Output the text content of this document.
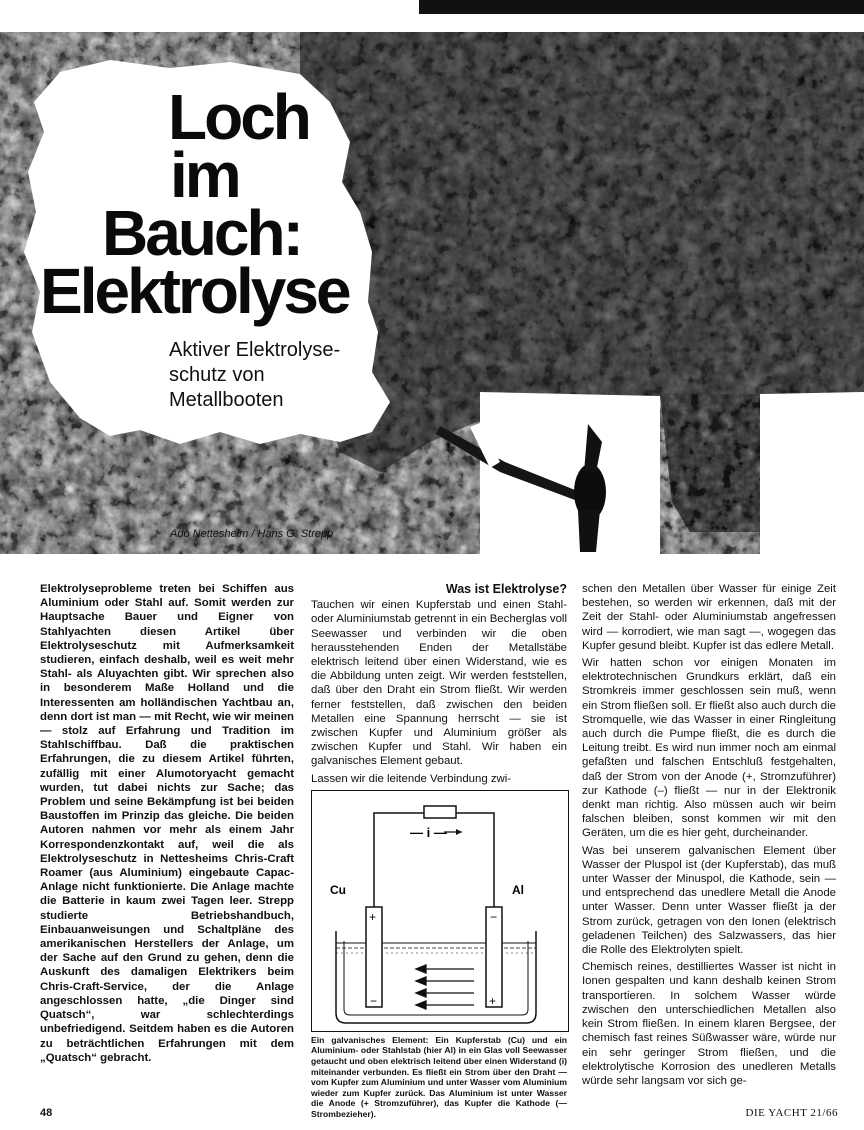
Loch
im
Bauch:
Elektrolyse
Aktiver Elektrolyse-
schutz von
Metallbooten
Ado Nettesheim / Hans G. Strepp

Elektrolyseprobleme treten bei Schiffen aus Aluminium oder Stahl auf. Somit werden zur Hauptsache Bauer und Eigner von Stahlyachten diesen Artikel über Elektrolyseschutz mit Aufmerksamkeit studieren, einfach deshalb, weil es weit mehr Stahl- als Aluyachten gibt. Wir sprechen also in besonderem Maße Holland und die Interessenten am holländischen Yachtbau an, denn dort ist man — mit Recht, wie wir meinen — stolz auf Erfahrung und Tradition im Stahlschiffbau. Daß die praktischen Erfahrungen, die zu diesem Artikel führten, zufällig mit einer Alumotoryacht gemacht wurden, tut dabei nichts zur Sache; das Problem und seine Bekämpfung ist bei beiden Baustoffen im Prinzip das gleiche. Die beiden Autoren nahmen vor mehr als einem Jahr Korrespondenzkontakt auf, weil die als Elektrolyseschutz in Nettesheims Chris-Craft Roamer (aus Aluminium) eingebaute Capac-Anlage nicht funktionierte. Die Anlage machte die Batterie in kaum zwei Tagen leer. Strepp studierte Betriebshandbuch, Einbauanweisungen und Schaltpläne des amerikanischen Herstellers der Anlage, um der Sache auf den Grund zu gehen, denn die Auskunft des damaligen Elektrikers beim Chris-Craft-Service, der die Anlage angeschlossen hatte, „die Dinger sind Quatsch“, war schlechterdings unbefriedigend. Seitdem haben es die Autoren zu beträchtlichen Erfahrungen mit dem „Quatsch“ gebracht.

Was ist Elektrolyse?

Tauchen wir einen Kupferstab und einen Stahl- oder Aluminiumstab getrennt in ein Becherglas voll Seewasser und verbinden wir die oben herausstehenden Enden der Metallstäbe elektrisch leitend über einen Widerstand, wie es die Abbildung unten zeigt. Wir werden feststellen, daß über den Draht ein Strom fließt. Wir werden ferner feststellen, daß zwischen den beiden Metallen eine Spannung herrscht — sie ist zwischen Kupfer und Aluminium größer als zwischen Kupfer und Stahl. Wir haben ein galvanisches Element gebaut.

Lassen wir die leitende Verbindung zwi-

— i —
Cu	Al
+	−
−	+
Ein galvanisches Element: Ein Kupferstab (Cu) und ein Aluminium- oder Stahlstab (hier Al) in ein Glas voll Seewasser getaucht und oben elektrisch leitend über einen Widerstand (i) miteinander verbunden. Es fließt ein Strom über den Draht — vom Kupfer zum Aluminium und unter Wasser vom Aluminium wieder zum Kupfer zurück. Das Aluminium ist unter Wasser die Anode (+ Stromzuführer), das Kupfer die Kathode (— Strombezieher).

schen den Metallen über Wasser für einige Zeit bestehen, so werden wir erkennen, daß mit der Zeit der Stahl- oder Aluminiumstab angefressen wird — korrodiert, wie man sagt —, wogegen das Kupfer gesund bleibt. Kupfer ist das edlere Metall.

Wir hatten schon vor einigen Monaten im elektrotechnischen Grundkurs erklärt, daß ein Stromkreis immer geschlossen sein muß, wenn ein Strom fließen soll. Er fließt also auch durch die Stromquelle, wie das Wasser in einer Ringleitung auch durch die Pumpe fließt, die es durch die Leitung treibt. Es wird nun immer noch am einmal gefaßten und falschen Entschluß festgehalten, daß der Strom von der Anode (+, Stromzuführer) zur Kathode (–) fließt — nur in der Elektronik denkt man richtig. Also müssen auch wir beim falschen bleiben, sonst kommen wir mit den Geräten, um die es hier geht, durcheinander.

Was bei unserem galvanischen Element über Wasser der Pluspol ist (der Kupferstab), das muß unter Wasser der Minuspol, die Kathode, sein — und entsprechend das unedlere Metall die Anode unter Wasser. Denn unter Wasser fließt ja der Strom zurück, getragen von den Ionen (elektrisch geladenen Teilchen) des Salzwassers, das hier die Rolle des Elektrolyten spielt.

Chemisch reines, destilliertes Wasser ist nicht in Ionen gespalten und kann deshalb keinen Strom transportieren. In solchem Wasser würde zwischen den unterschiedlichen Metallen also kein Strom fließen. In einem klaren Bergsee, der chemisch fast reines Süßwasser wäre, würde nur ein sehr geringer Strom fließen, und die elektrolytische Korrosion des unedleren Metalls würde sehr langsam vor sich ge-

48	DIE YACHT 21/66
